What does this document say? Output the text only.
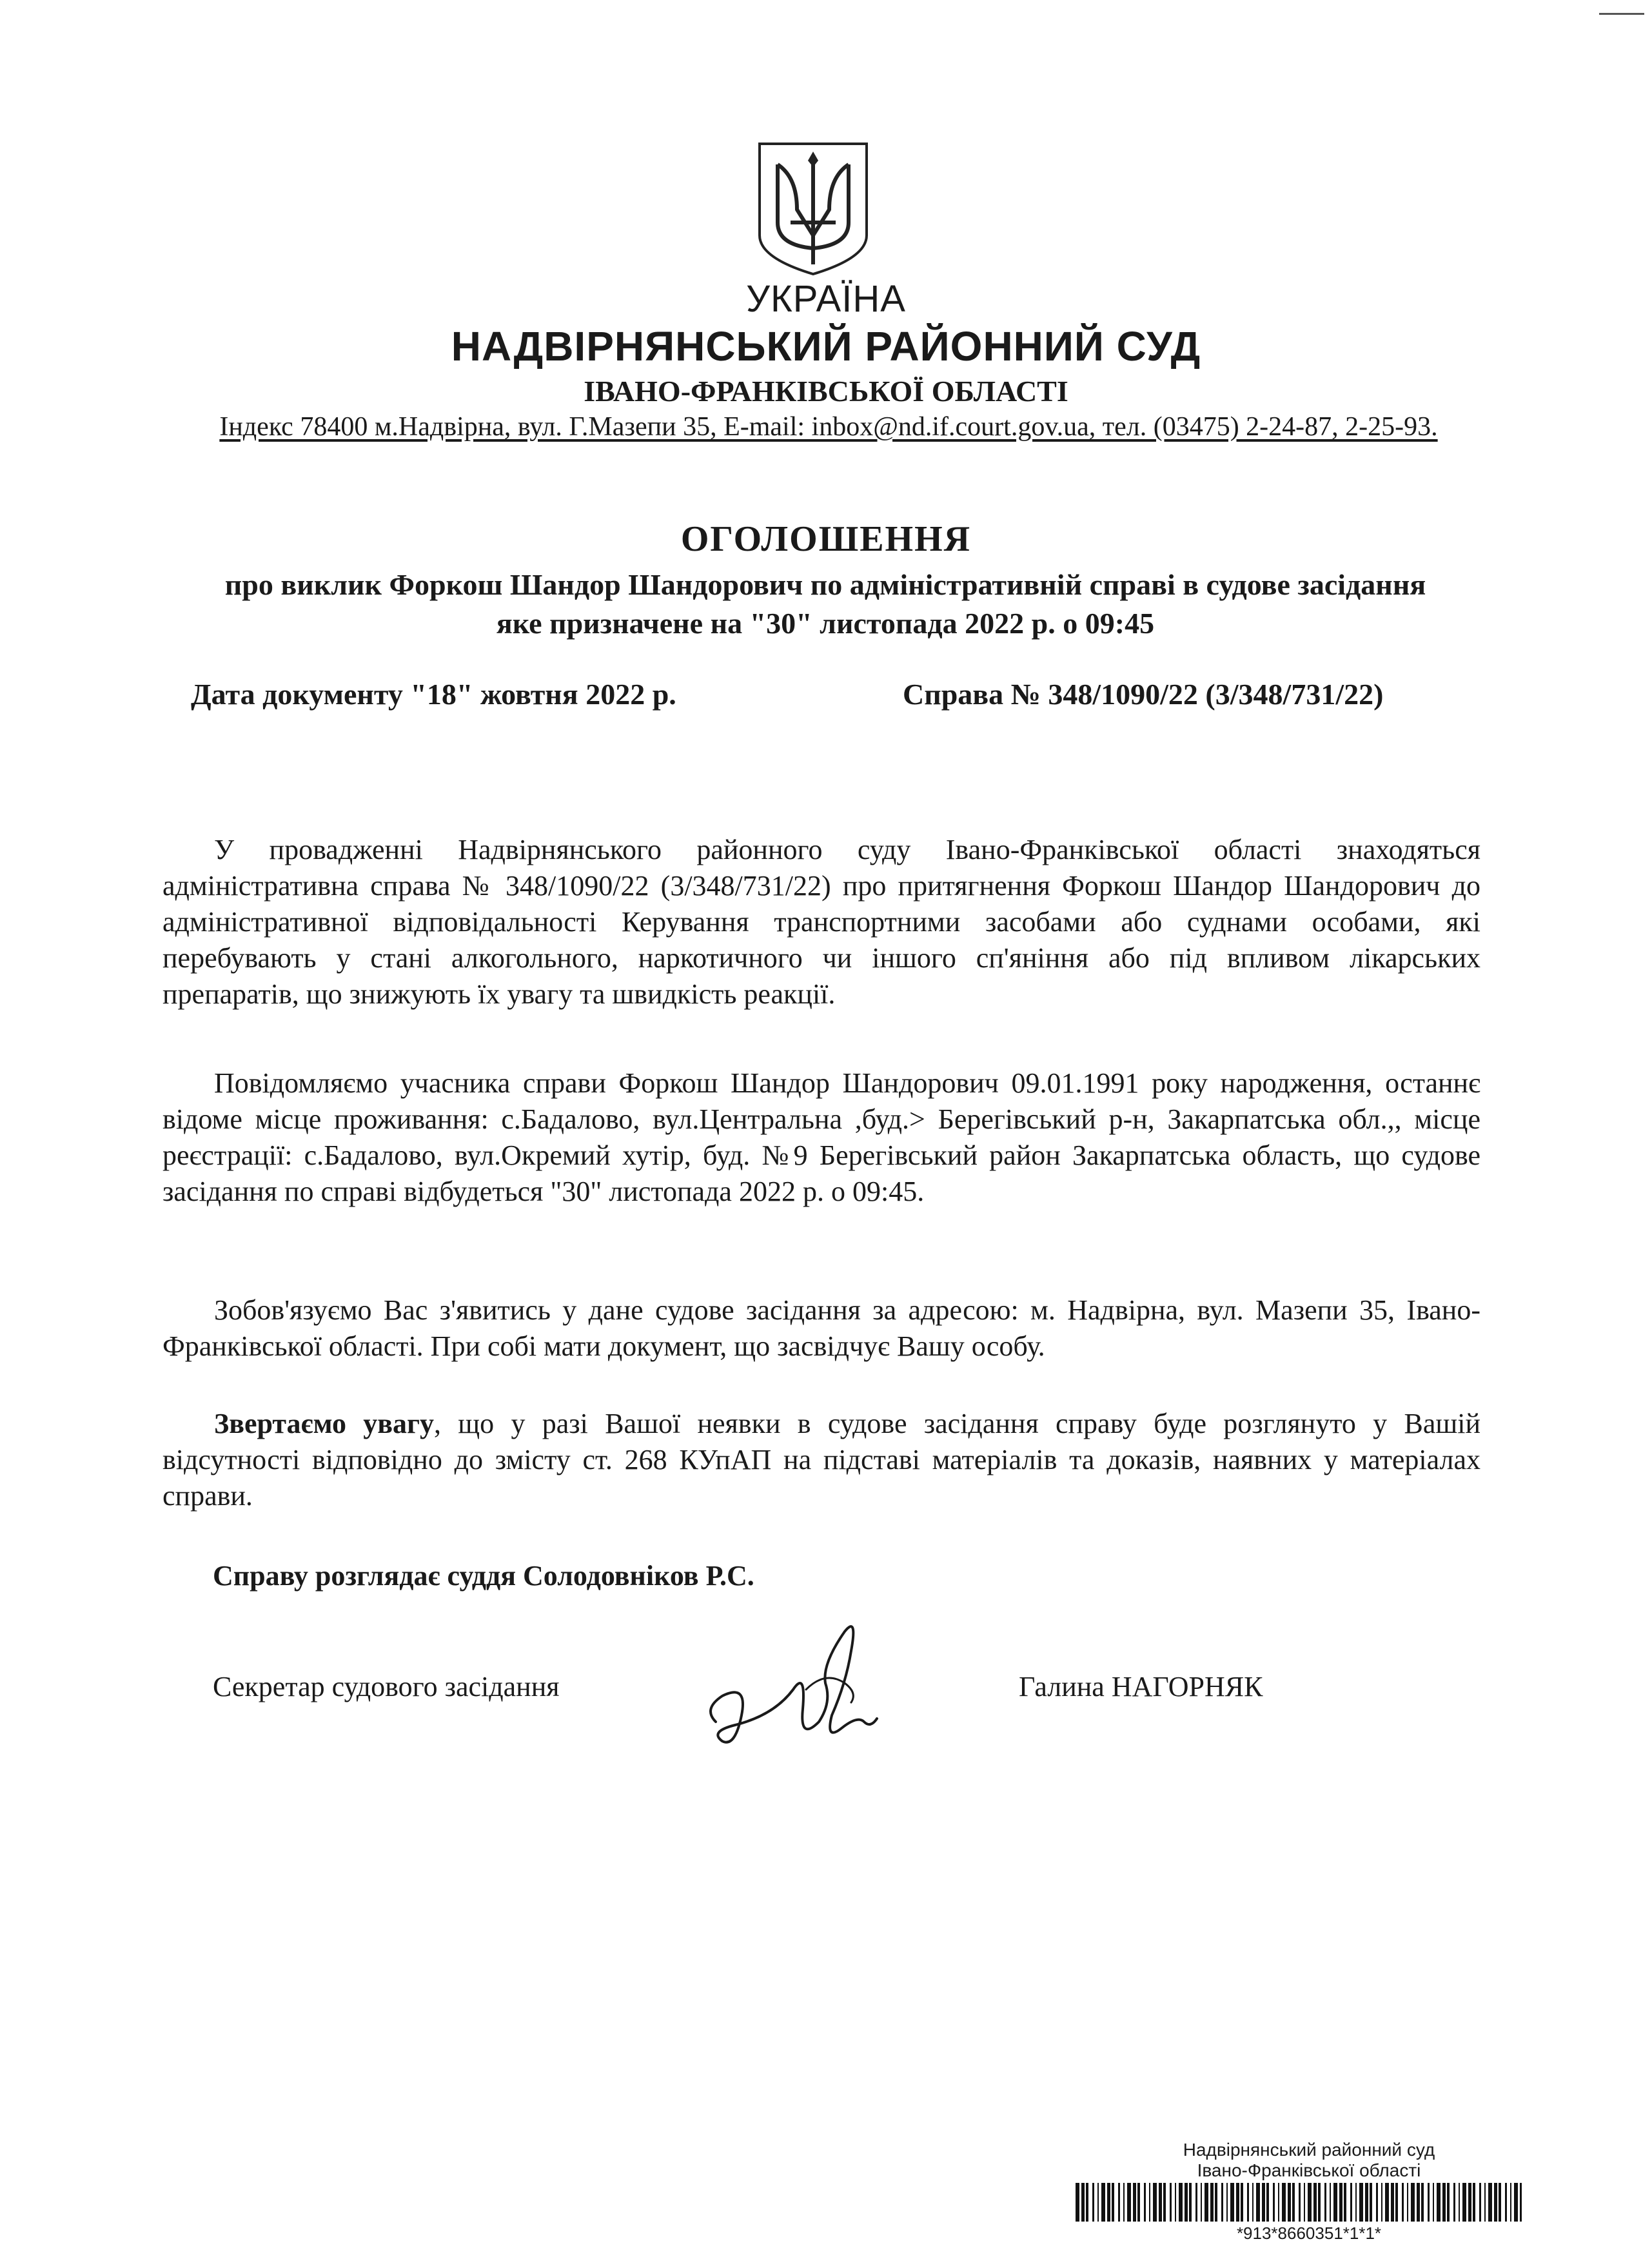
УКРАЇНА
НАДВІРНЯНСЬКИЙ РАЙОННИЙ СУД
ІВАНО-ФРАНКІВСЬКОЇ ОБЛАСТІ
Індекс 78400 м.Надвірна, вул. Г.Мазепи 35, E-mail: inbox@nd.if.court.gov.ua, тел. (03475) 2-24-87, 2-25-93.
ОГОЛОШЕННЯ
про виклик Форкош Шандор Шандорович по адміністративній справі в судове засідання
яке призначене на "30" листопада 2022 р. о 09:45
Дата документу "18" жовтня 2022 р.	Справа № 348/1090/22 (3/348/731/22)
У провадженні Надвірнянського районного суду Івано-Франківської області знаходяться адміністративна справа № 348/1090/22 (3/348/731/22) про притягнення Форкош Шандор Шандорович до адміністративної відповідальності Керування транспортними засобами або суднами особами, які перебувають у стані алкогольного, наркотичного чи іншого сп'яніння або під впливом лікарських препаратів, що знижують їх увагу та швидкість реакції.
Повідомляємо учасника справи Форкош Шандор Шандорович 09.01.1991 року народження, останнє відоме місце проживання: с.Бадалово, вул.Центральна ,буд.> Берегівський р-н, Закарпатська обл.,, місце реєстрації: с.Бадалово, вул.Окремий хутір, буд. №9 Берегівський район Закарпатська область, що судове засідання по справі відбудеться "30" листопада 2022 р. о 09:45.
Зобов'язуємо Вас з'явитись у дане судове засідання за адресою: м. Надвірна, вул. Мазепи 35, Івано-Франківської області. При собі мати документ, що засвідчує Вашу особу.
Звертаємо увагу, що у разі Вашої неявки в судове засідання справу буде розглянуто у Вашій відсутності відповідно до змісту ст. 268 КУпАП на підставі матеріалів та доказів, наявних у матеріалах справи.
Справу розглядає суддя Солодовніков Р.С.
Секретар судового засідання	Галина НАГОРНЯК
Надвірнянський районний суд
Івано-Франківської області
*913*8660351*1*1*
